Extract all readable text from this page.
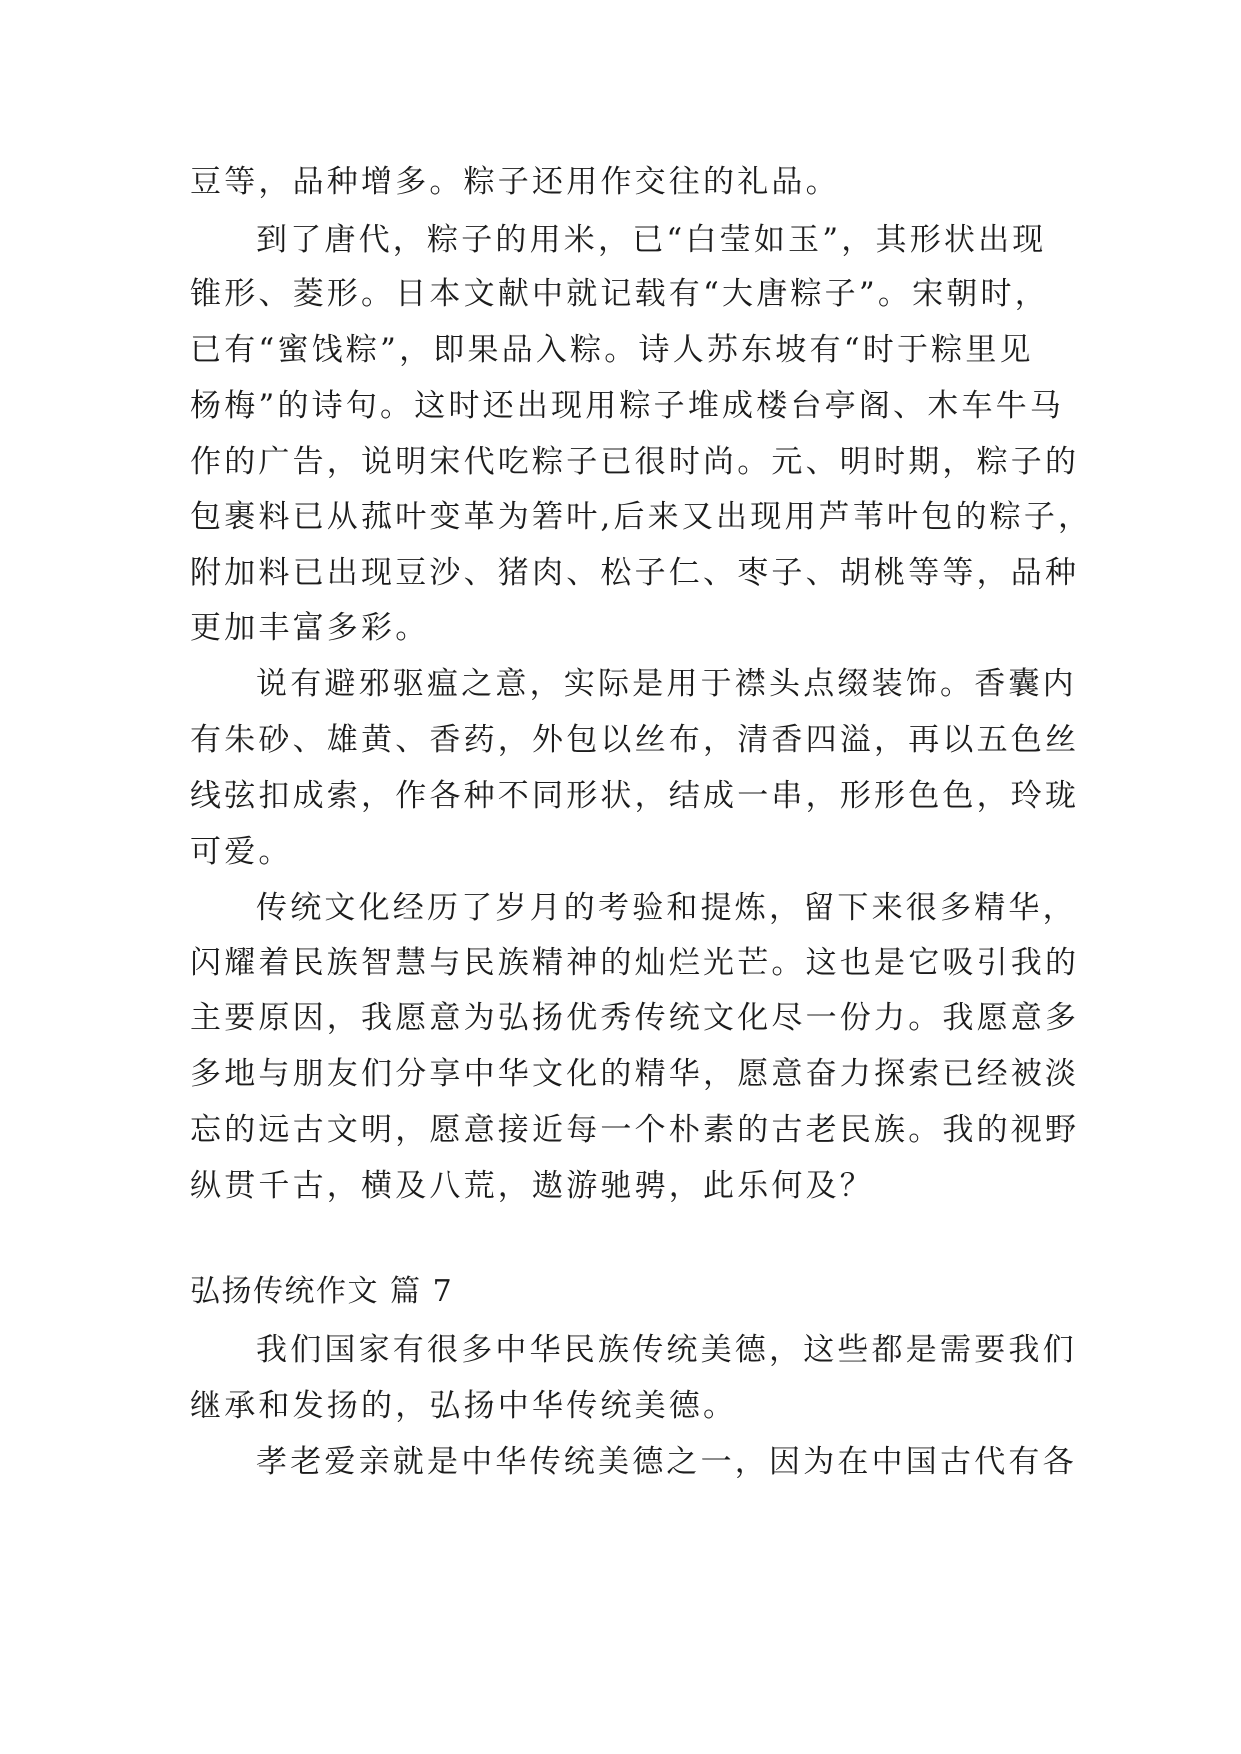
豆等，品种增多。粽子还用作交往的礼品。
到了唐代，粽子的用米，已“白莹如玉”，其形状出现
锥形、菱形。日本文献中就记载有“大唐粽子”。宋朝时，
已有“蜜饯粽”，即果品入粽。诗人苏东坡有“时于粽里见
杨梅”的诗句。这时还出现用粽子堆成楼台亭阁、木车牛马
作的广告，说明宋代吃粽子已很时尚。元、明时期，粽子的
包裹料已从菰叶变革为箬叶,后来又出现用芦苇叶包的粽子，
附加料已出现豆沙、猪肉、松子仁、枣子、胡桃等等，品种
更加丰富多彩。
说有避邪驱瘟之意，实际是用于襟头点缀装饰。香囊内
有朱砂、雄黄、香药，外包以丝布，清香四溢，再以五色丝
线弦扣成索，作各种不同形状，结成一串，形形色色，玲珑
可爱。
传统文化经历了岁月的考验和提炼，留下来很多精华，
闪耀着民族智慧与民族精神的灿烂光芒。这也是它吸引我的
主要原因，我愿意为弘扬优秀传统文化尽一份力。我愿意多
多地与朋友们分享中华文化的精华，愿意奋力探索已经被淡
忘的远古文明，愿意接近每一个朴素的古老民族。我的视野
纵贯千古，横及八荒，遨游驰骋，此乐何及？
弘扬传统作文 篇 7
我们国家有很多中华民族传统美德，这些都是需要我们
继承和发扬的，弘扬中华传统美德。
孝老爱亲就是中华传统美德之一，因为在中国古代有各
